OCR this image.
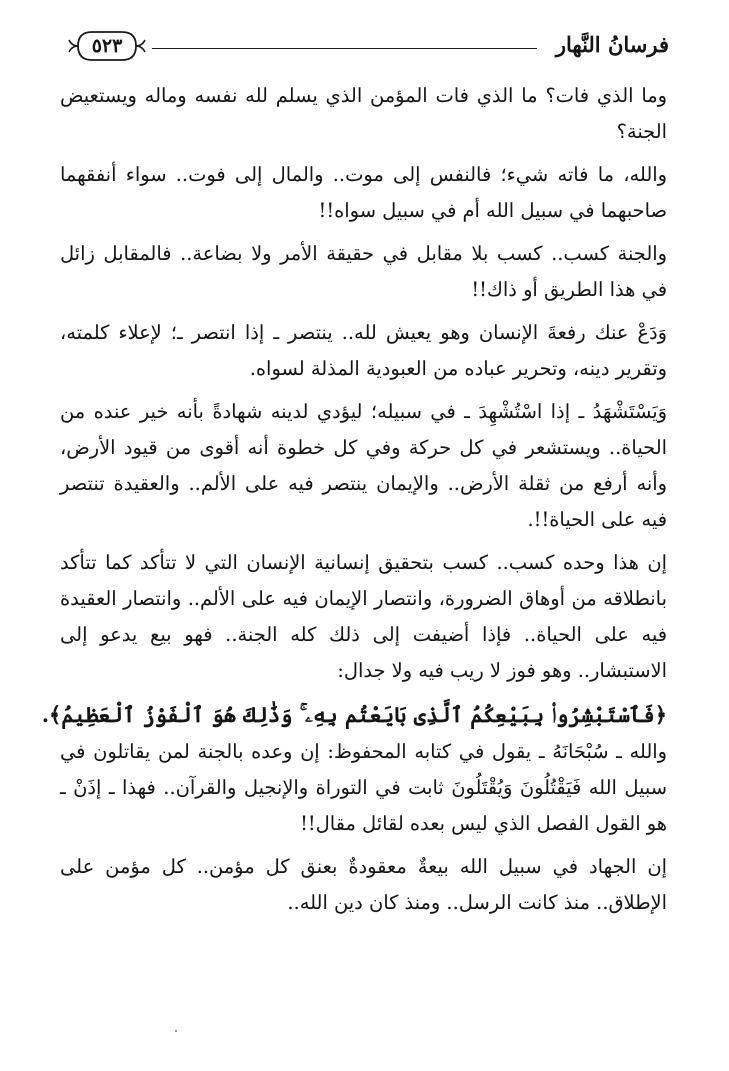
فرسانُ النَّهار
٥٢٣

وما الذي فات؟ ما الذي فات المؤمن الذي يسلم لله نفسه وماله ويستعيض الجنة؟

والله، ما فاته شيء؛ فالنفس إلى موت.. والمال إلى فوت.. سواء أنفقهما صاحبهما في سبيل الله أم في سبيل سواه!!

والجنة كسب.. كسب بلا مقابل في حقيقة الأمر ولا بضاعة.. فالمقابل زائل في هذا الطريق أو ذاك!!

وَدَعْ عنك رفعةَ الإنسان وهو يعيش لله.. ينتصر ـ إذا انتصر ـ؛ لإعلاء كلمته، وتقرير دينه، وتحرير عباده من العبودية المذلة لسواه.

وَيَسْتَشْهَدُ ـ إذا اسْتُشْهِدَ ـ في سبيله؛ ليؤدي لدينه شهادةً بأنه خير عنده من الحياة.. ويستشعر في كل حركة وفي كل خطوة أنه أقوى من قيود الأرض، وأنه أرفع من ثقلة الأرض.. والإيمان ينتصر فيه على الألم.. والعقيدة تنتصر فيه على الحياة!!.

إن هذا وحده كسب.. كسب بتحقيق إنسانية الإنسان التي لا تتأكد كما تتأكد بانطلاقه من أوهاق الضرورة، وانتصار الإيمان فيه على الألم.. وانتصار العقيدة فيه على الحياة.. فإذا أضيفت إلى ذلك كله الجنة.. فهو بيع يدعو إلى الاستبشار.. وهو فوز لا ريب فيه ولا جدال:

﴿فَٱسْتَبْشِرُوا۟ بِبَيْعِكُمُ ٱلَّذِى بَايَعْتُم بِهِۦ ۚ وَذَٰلِكَ هُوَ ٱلْفَوْزُ ٱلْعَظِيمُ﴾.

والله ـ سُبْحَانَهُ ـ يقول في كتابه المحفوظ: إن وعده بالجنة لمن يقاتلون في سبيل الله فَيَقْتُلُونَ وَيُقْتَلُونَ ثابت في التوراة والإنجيل والقرآن.. فهذا ـ إذَنْ ـ هو القول الفصل الذي ليس بعده لقائل مقال!!

إن الجهاد في سبيل الله بيعةٌ معقودةٌ بعنق كل مؤمن.. كل مؤمن على الإطلاق.. منذ كانت الرسل.. ومنذ كان دين الله..
